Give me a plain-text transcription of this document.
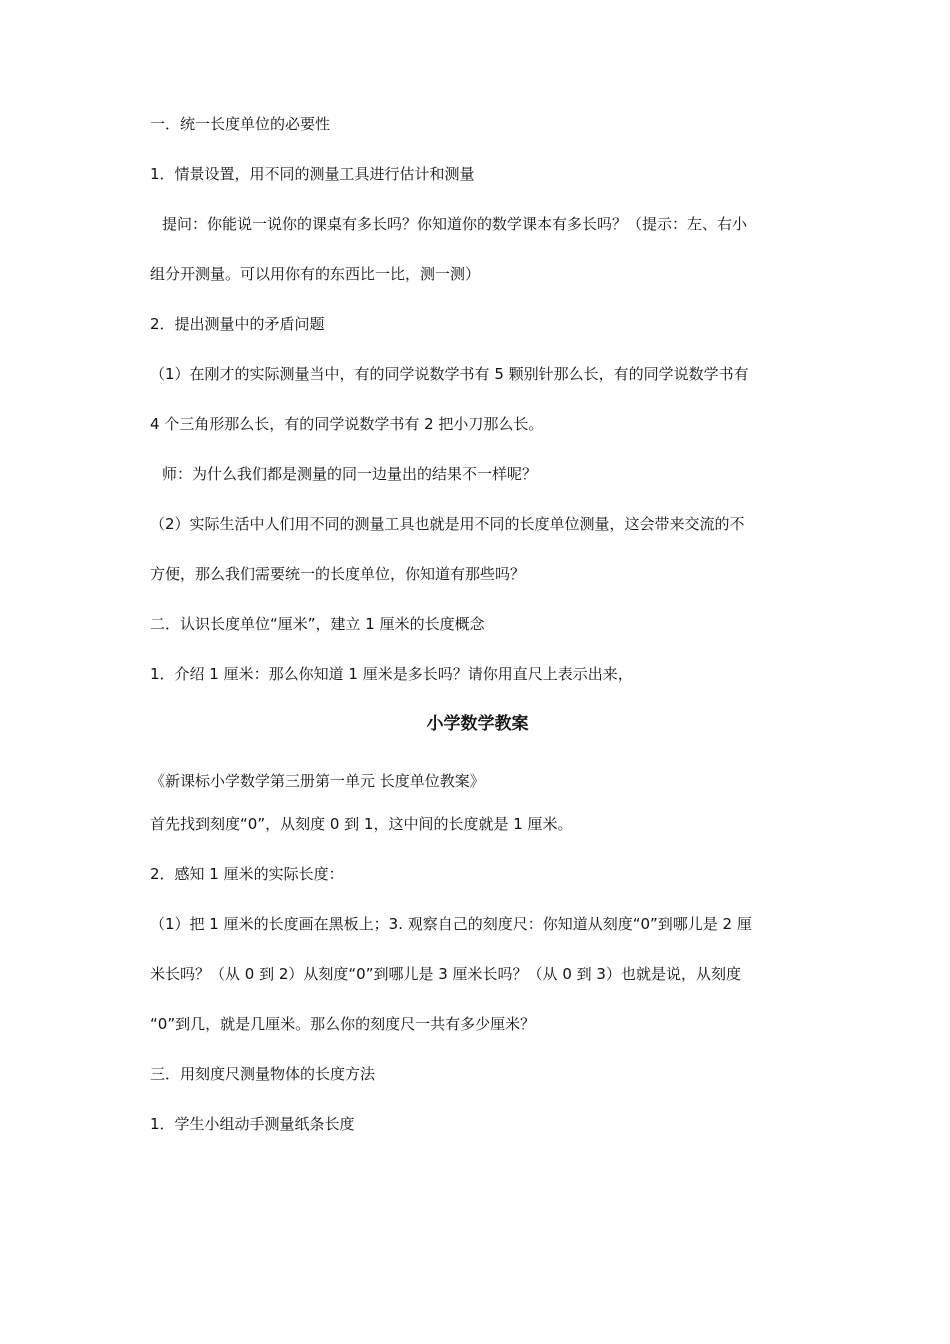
一．统一长度单位的必要性
1．情景设置，用不同的测量工具进行估计和测量
提问：你能说一说你的课桌有多长吗？你知道你的数学课本有多长吗？（提示：左、右小
组分开测量。可以用你有的东西比一比，测一测）
2．提出测量中的矛盾问题
（1）在刚才的实际测量当中，有的同学说数学书有 5 颗别针那么长，有的同学说数学书有
4 个三角形那么长，有的同学说数学书有 2 把小刀那么长。
师：为什么我们都是测量的同一边量出的结果不一样呢？
（2）实际生活中人们用不同的测量工具也就是用不同的长度单位测量，这会带来交流的不
方便，那么我们需要统一的长度单位，你知道有那些吗？
二．认识长度单位“厘米”，建立 1 厘米的长度概念
1．介绍 1 厘米：那么你知道 1 厘米是多长吗？请你用直尺上表示出来，
小学数学教案
《新课标小学数学第三册第一单元 长度单位教案》
首先找到刻度“0”，从刻度 0 到 1，这中间的长度就是 1 厘米。
2．感知 1 厘米的实际长度：
（1）把 1 厘米的长度画在黑板上；3. 观察自己的刻度尺：你知道从刻度“0”到哪儿是 2 厘
米长吗？（从 0 到 2）从刻度“0”到哪儿是 3 厘米长吗？（从 0 到 3）也就是说，从刻度
“0”到几，就是几厘米。那么你的刻度尺一共有多少厘米？
三．用刻度尺测量物体的长度方法
1．学生小组动手测量纸条长度
